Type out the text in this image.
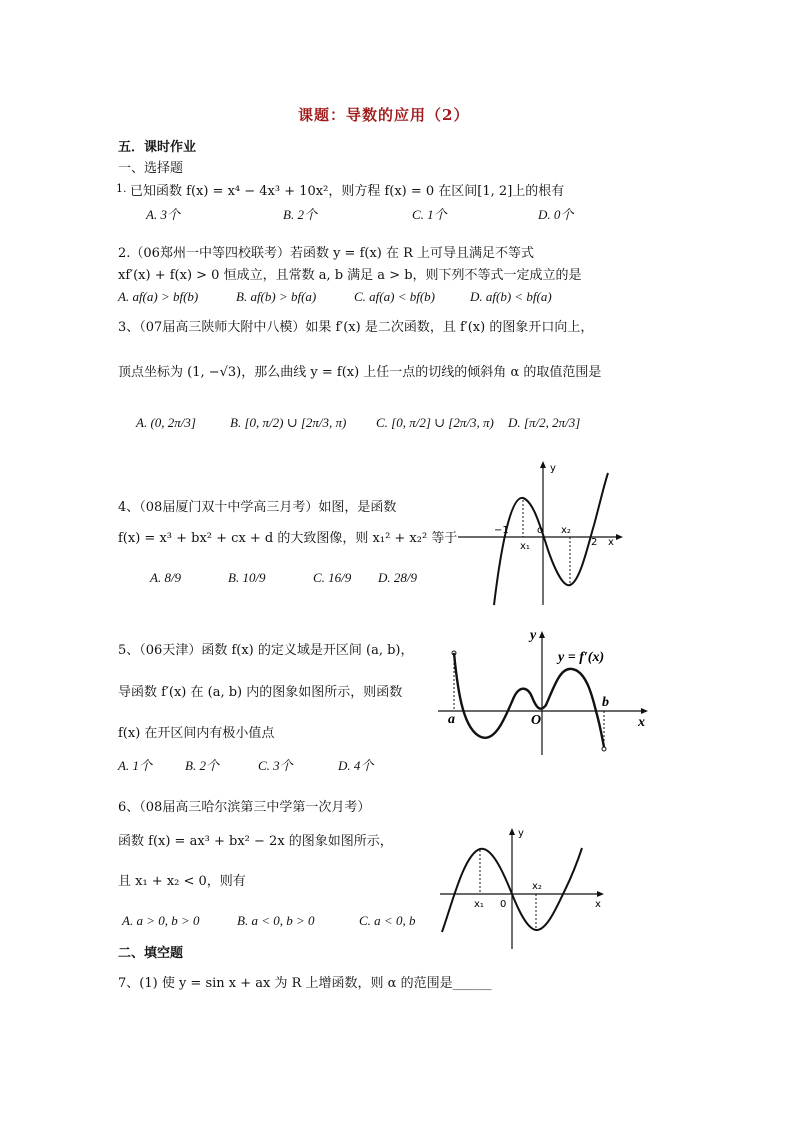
课题：导数的应用（2）
五．课时作业
一、选择题
1. 已知函数 f(x) = x⁴ − 4x³ + 10x²，则方程 f(x) = 0 在区间[1, 2]上的根有
A. 3个	B. 2个	C. 1个	D. 0个
2.（06郑州一中等四校联考）若函数 y = f(x) 在 R 上可导且满足不等式
xf′(x) + f(x) > 0 恒成立，且常数 a, b 满足 a > b，则下列不等式一定成立的是
A. af(a) > bf(b)	B. af(b) > bf(a)	C. af(a) < bf(b)	D. af(b) < bf(a)
3、（07届高三陕师大附中八模）如果 f′(x) 是二次函数，且 f′(x) 的图象开口向上，
顶点坐标为 (1, −√3)，那么曲线 y = f(x) 上任一点的切线的倾斜角 α 的取值范围是
A. (0, 2π/3]	B. [0, π/2) ∪ [2π/3, π) C. [0, π/2] ∪ [2π/3, π) D. [π/2, 2π/3]
4、（08届厦门双十中学高三月考）如图，是函数
f(x) = x³ + bx² + cx + d 的大致图像，则 x₁² + x₂² 等于
A. 8/9	B. 10/9	C. 16/9 D. 28/9
y
x
−1	o
x₁
x₂
2
5、（06天津）函数 f(x) 的定义域是开区间 (a, b)，
导函数 f′(x) 在 (a, b) 内的图象如图所示，则函数
f(x) 在开区间内有极小值点
A. 1个	B. 2个	C. 3个	D. 4个
y
x
y = f′(x)
a
b
O
6、（08届高三哈尔滨第三中学第一次月考）
函数 f(x) = ax³ + bx² − 2x 的图象如图所示，
且 x₁ + x₂ < 0，则有
A. a > 0, b > 0	B. a < 0, b > 0	C. a < 0, b
y
x
x₁ 0
x₂
二、填空题
7、(1) 使 y = sin x + ax 为 R 上增函数，则 α 的范围是______
